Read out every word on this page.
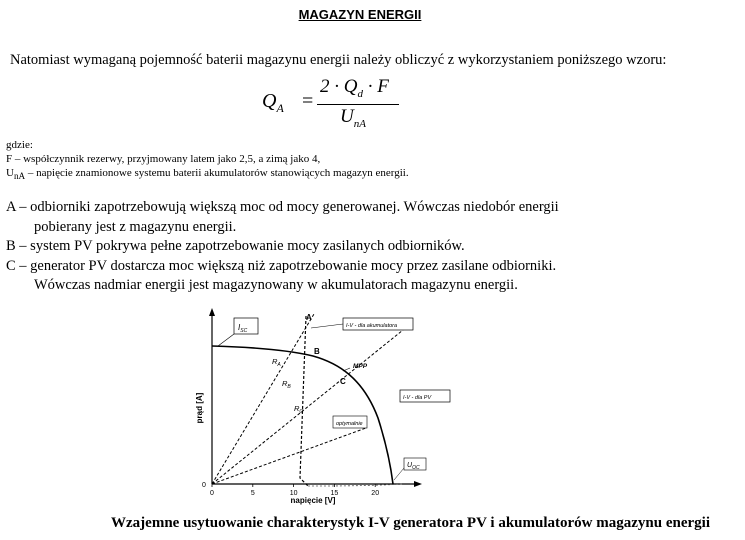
MAGAZYN ENERGII
Natomiast wymaganą pojemność baterii magazynu energii należy obliczyć z wykorzystaniem poniższego wzoru:
$Q_A$ =
$2 \cdot Q_d \cdot F$
$U_{nA}$
gdzie:
F – współczynnik rezerwy, przyjmowany latem jako 2,5, a zimą jako 4,
$U_{nA}$ – napięcie znamionowe systemu baterii akumulatorów stanowiących magazyn energii.
A – odbiorniki zapotrzebowują większą moc od mocy generowanej. Wówczas niedobór energii

pobierany jest z magazynu energii.
B – system PV pokrywa pełne zapotrzebowanie mocy zasilanych odbiorników.
C – generator PV dostarcza moc większą niż zapotrzebowanie mocy przez zasilane odbiorniki.

Wówczas nadmiar energii jest magazynowany w akumulatorach magazynu energii.
0	5	10	15	20
0
napięcie [V]
prąd [A]
$I_{SC}$
I-V - dla akumulatora
I-V - dla PV
A
B
C
MPP
$R_A$
$R_B$
$R_C$
optymalnie
$U_{OC}$
Wzajemne usytuowanie charakterystyk I-V generatora PV i akumulatorów magazynu energii
